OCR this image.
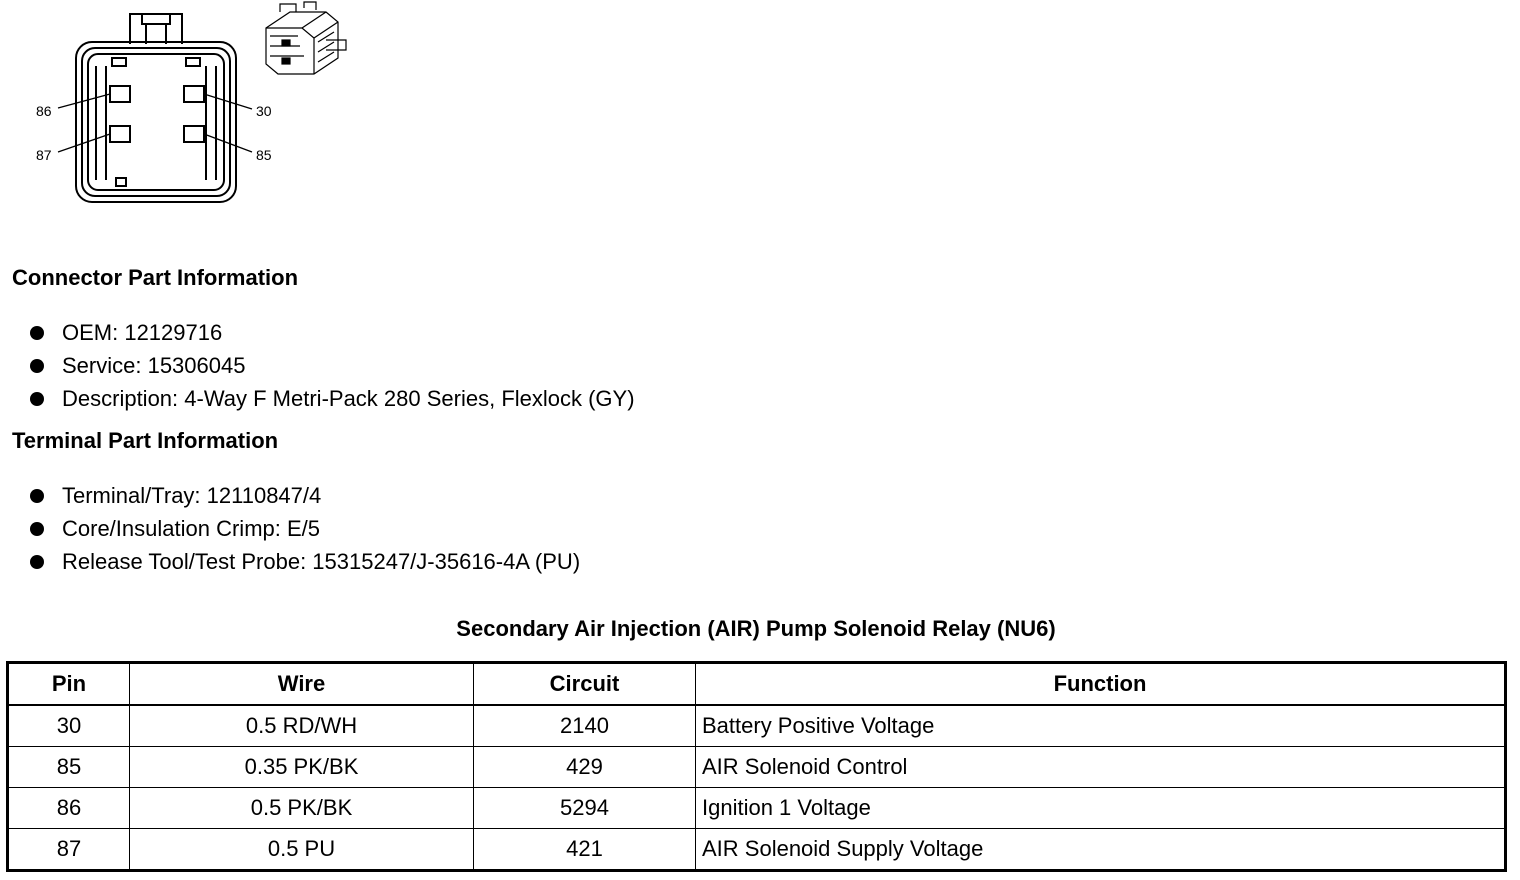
86
87
30
85
Connector Part Information
OEM: 12129716
Service: 15306045
Description: 4-Way F Metri-Pack 280 Series, Flexlock (GY)
Terminal Part Information
Terminal/Tray: 12110847/4
Core/Insulation Crimp: E/5
Release Tool/Test Probe: 15315247/J-35616-4A (PU)
Secondary Air Injection (AIR) Pump Solenoid Relay (NU6)
Pin	Wire	Circuit	Function
30	0.5 RD/WH	2140	Battery Positive Voltage
85	0.35 PK/BK	429	AIR Solenoid Control
86	0.5 PK/BK	5294	Ignition 1 Voltage
87	0.5 PU	421	AIR Solenoid Supply Voltage
